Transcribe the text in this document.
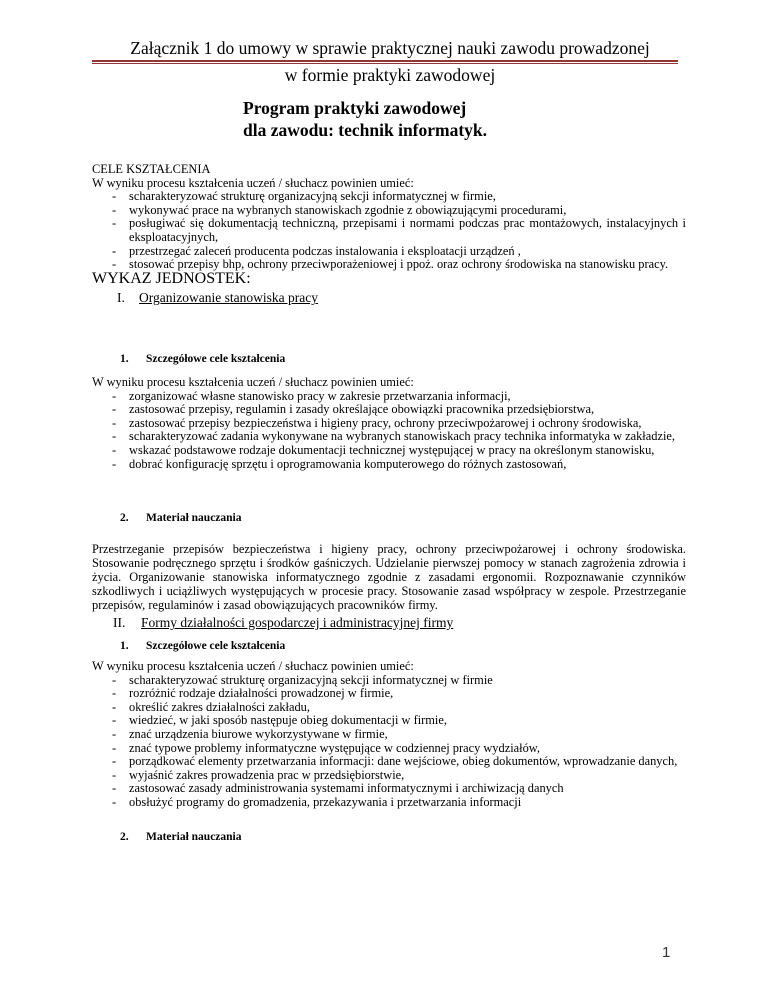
Załącznik 1 do umowy w sprawie praktycznej nauki zawodu prowadzonej
w formie praktyki zawodowej
Program praktyki zawodowej
dla zawodu: technik informatyk.
CELE KSZTAŁCENIA
W wyniku procesu kształcenia uczeń / słuchacz powinien umieć:
- scharakteryzować strukturę organizacyjną sekcji informatycznej w firmie,
- wykonywać prace na wybranych stanowiskach zgodnie z obowiązującymi procedurami,
- posługiwać się dokumentacją techniczną, przepisami i normami podczas prac montażowych, instalacyjnych i eksploatacyjnych,
- przestrzegać zaleceń producenta podczas instalowania i eksploatacji urządzeń ,
- stosować przepisy bhp, ochrony przeciwporażeniowej i ppoż. oraz ochrony środowiska na stanowisku pracy.
WYKAZ JEDNOSTEK:
I. Organizowanie stanowiska pracy
1. Szczegółowe cele kształcenia
W wyniku procesu kształcenia uczeń / słuchacz powinien umieć:
- zorganizować własne stanowisko pracy w zakresie przetwarzania informacji,
- zastosować przepisy, regulamin i zasady określające obowiązki pracownika przedsiębiorstwa,
- zastosować przepisy bezpieczeństwa i higieny pracy, ochrony przeciwpożarowej i ochrony środowiska,
- scharakteryzować zadania wykonywane na wybranych stanowiskach pracy technika informatyka w zakładzie,
- wskazać podstawowe rodzaje dokumentacji technicznej występującej w pracy na określonym stanowisku,
- dobrać konfigurację sprzętu i oprogramowania komputerowego do różnych zastosowań,
2. Materiał nauczania
Przestrzeganie przepisów bezpieczeństwa i higieny pracy, ochrony przeciwpożarowej i ochrony środowiska. Stosowanie podręcznego sprzętu i środków gaśniczych. Udzielanie pierwszej pomocy w stanach zagrożenia zdrowia i życia. Organizowanie stanowiska informatycznego zgodnie z zasadami ergonomii. Rozpoznawanie czynników szkodliwych i uciążliwych występujących w procesie pracy. Stosowanie zasad współpracy w zespole. Przestrzeganie przepisów, regulaminów i zasad obowiązujących pracowników firmy.
II. Formy działalności gospodarczej i administracyjnej firmy
1. Szczegółowe cele kształcenia
W wyniku procesu kształcenia uczeń / słuchacz powinien umieć:
- scharakteryzować strukturę organizacyjną sekcji informatycznej w firmie
- rozróżnić rodzaje działalności prowadzonej w firmie,
- określić zakres działalności zakładu,
- wiedzieć, w jaki sposób następuje obieg dokumentacji w firmie,
- znać urządzenia biurowe wykorzystywane w firmie,
- znać typowe problemy informatyczne występujące w codziennej pracy wydziałów,
- porządkować elementy przetwarzania informacji: dane wejściowe, obieg dokumentów, wprowadzanie danych,
- wyjaśnić zakres prowadzenia prac w przedsiębiorstwie,
- zastosować zasady administrowania systemami informatycznymi i archiwizacją danych
- obsłużyć programy do gromadzenia, przekazywania i przetwarzania informacji
2. Materiał nauczania
1
